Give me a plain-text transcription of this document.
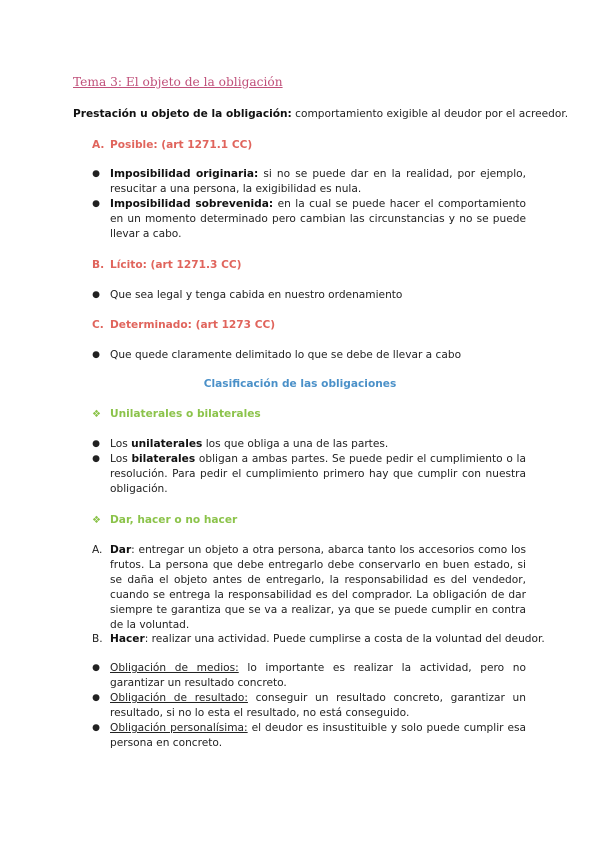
Tema 3: El objeto de la obligación
Prestación u objeto de la obligación: comportamiento exigible al deudor por el acreedor.
A. Posible: (art 1271.1 CC)
● Imposibilidad originaria: si no se puede dar en la realidad, por ejemplo, resucitar a una persona, la exigibilidad es nula.
● Imposibilidad sobrevenida: en la cual se puede hacer el comportamiento en un momento determinado pero cambian las circunstancias y no se puede llevar a cabo.
B. Lícito: (art 1271.3 CC)
● Que sea legal y tenga cabida en nuestro ordenamiento
C. Determinado: (art 1273 CC)
● Que quede claramente delimitado lo que se debe de llevar a cabo
Clasificación de las obligaciones
❖ Unilaterales o bilaterales
● Los unilaterales los que obliga a una de las partes.
● Los bilaterales obligan a ambas partes. Se puede pedir el cumplimiento o la resolución. Para pedir el cumplimiento primero hay que cumplir con nuestra obligación.
❖ Dar, hacer o no hacer
A. Dar: entregar un objeto a otra persona, abarca tanto los accesorios como los frutos. La persona que debe entregarlo debe conservarlo en buen estado, si se daña el objeto antes de entregarlo, la responsabilidad es del vendedor, cuando se entrega la responsabilidad es del comprador. La obligación de dar siempre te garantiza que se va a realizar, ya que se puede cumplir en contra de la voluntad.
B. Hacer: realizar una actividad. Puede cumplirse a costa de la voluntad del deudor.
● Obligación de medios: lo importante es realizar la actividad, pero no garantizar un resultado concreto.
● Obligación de resultado: conseguir un resultado concreto, garantizar un resultado, si no lo esta el resultado, no está conseguido.
● Obligación personalísima: el deudor es insustituible y solo puede cumplir esa persona en concreto.
